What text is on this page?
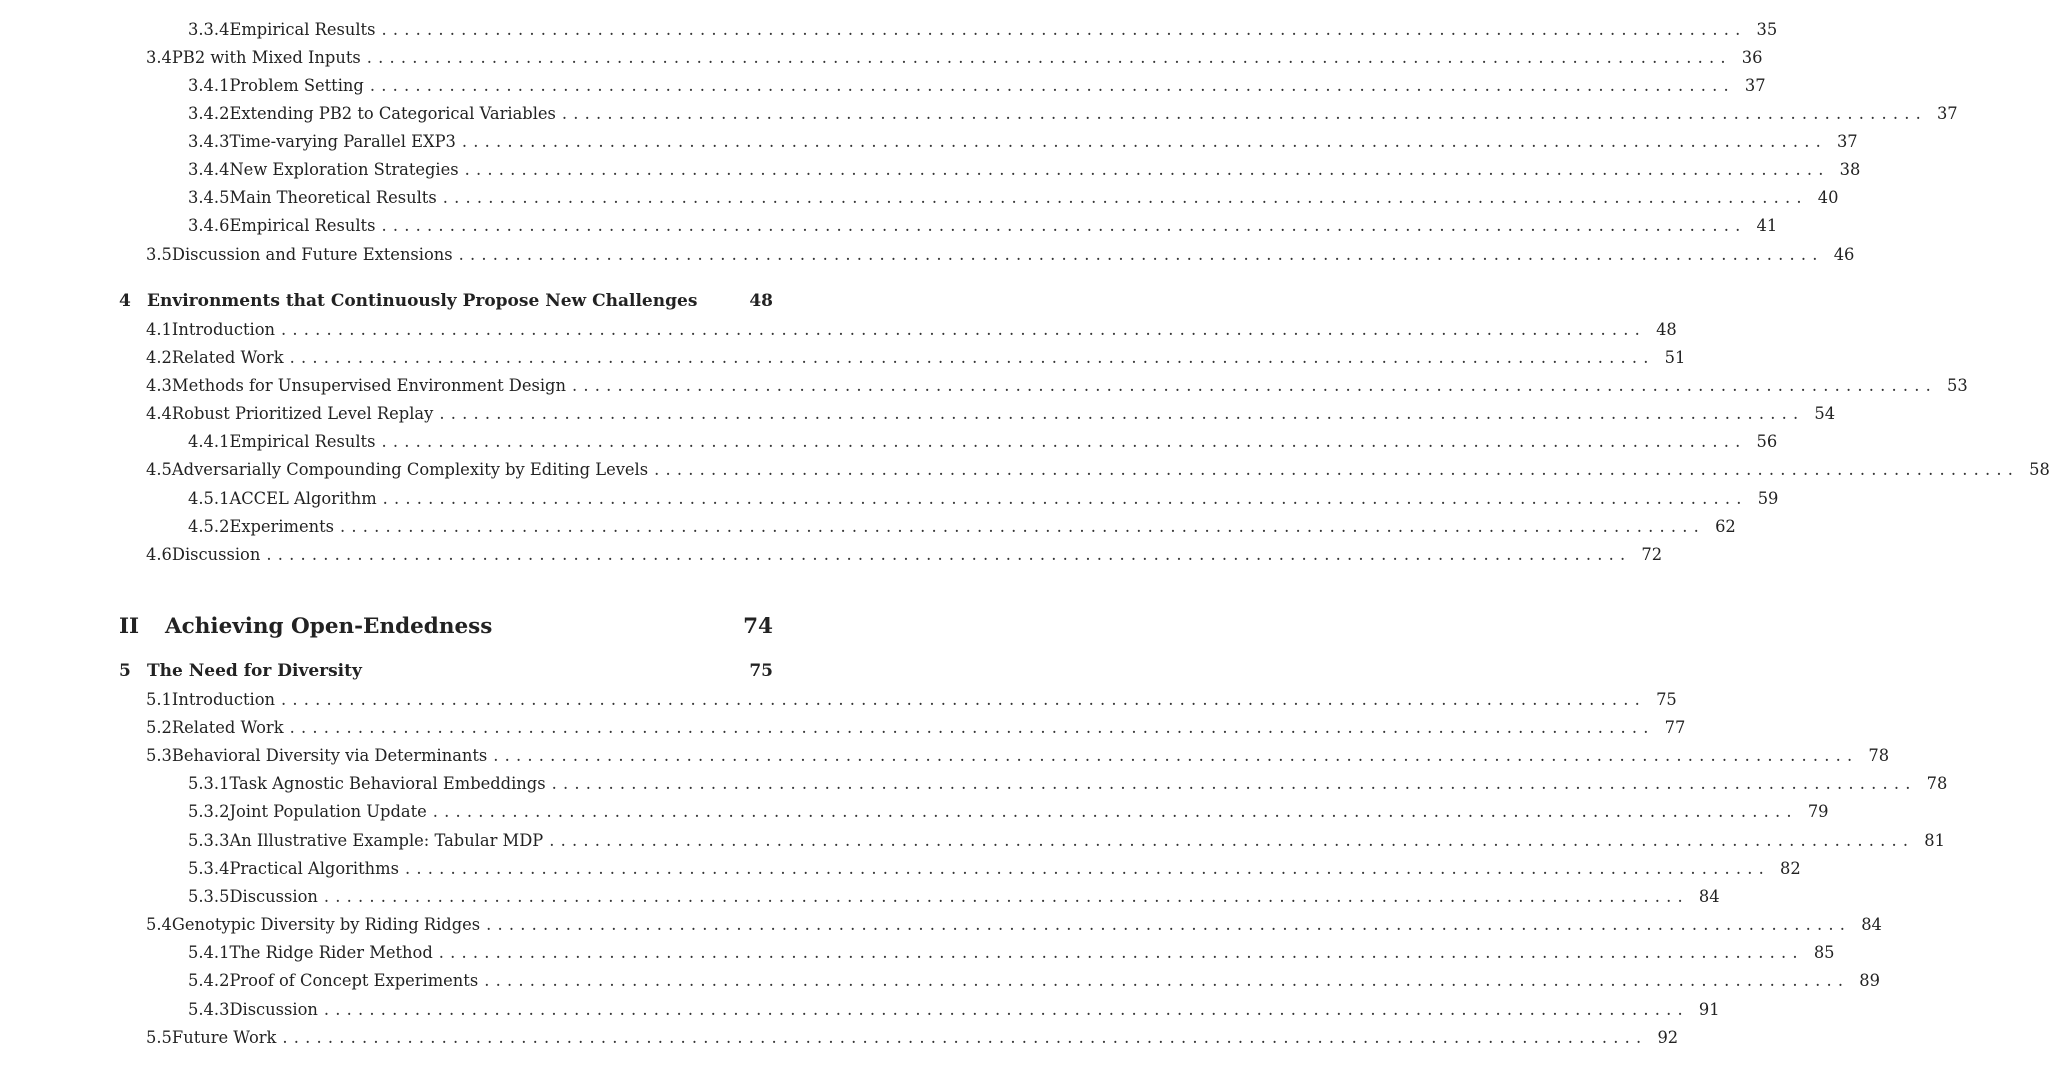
3.3.4 Empirical Results ........................................................................................................................ 35
3.4 PB2 with Mixed Inputs ........................................................................................................................ 36
3.4.1 Problem Setting ........................................................................................................................ 37
3.4.2 Extending PB2 to Categorical Variables ........................................................................................................................ 37
3.4.3 Time-varying Parallel EXP3 ........................................................................................................................ 37
3.4.4 New Exploration Strategies ........................................................................................................................ 38
3.4.5 Main Theoretical Results ........................................................................................................................ 40
3.4.6 Empirical Results ........................................................................................................................ 41
3.5 Discussion and Future Extensions ........................................................................................................................ 46
4 Environments that Continuously Propose New Challenges	48
4.1 Introduction ........................................................................................................................ 48
4.2 Related Work ........................................................................................................................ 51
4.3 Methods for Unsupervised Environment Design ........................................................................................................................ 53
4.4 Robust Prioritized Level Replay ........................................................................................................................ 54
4.4.1 Empirical Results ........................................................................................................................ 56
4.5 Adversarially Compounding Complexity by Editing Levels ........................................................................................................................ 58
4.5.1 ACCEL Algorithm ........................................................................................................................ 59
4.5.2 Experiments ........................................................................................................................ 62
4.6 Discussion ........................................................................................................................ 72
II	Achieving Open-Endedness	74
5 The Need for Diversity	75
5.1 Introduction ........................................................................................................................ 75
5.2 Related Work ........................................................................................................................ 77
5.3 Behavioral Diversity via Determinants ........................................................................................................................ 78
5.3.1 Task Agnostic Behavioral Embeddings ........................................................................................................................ 78
5.3.2 Joint Population Update ........................................................................................................................ 79
5.3.3 An Illustrative Example: Tabular MDP ........................................................................................................................ 81
5.3.4 Practical Algorithms ........................................................................................................................ 82
5.3.5 Discussion ........................................................................................................................ 84
5.4 Genotypic Diversity by Riding Ridges ........................................................................................................................ 84
5.4.1 The Ridge Rider Method ........................................................................................................................ 85
5.4.2 Proof of Concept Experiments ........................................................................................................................ 89
5.4.3 Discussion ........................................................................................................................ 91
5.5 Future Work ........................................................................................................................ 92
